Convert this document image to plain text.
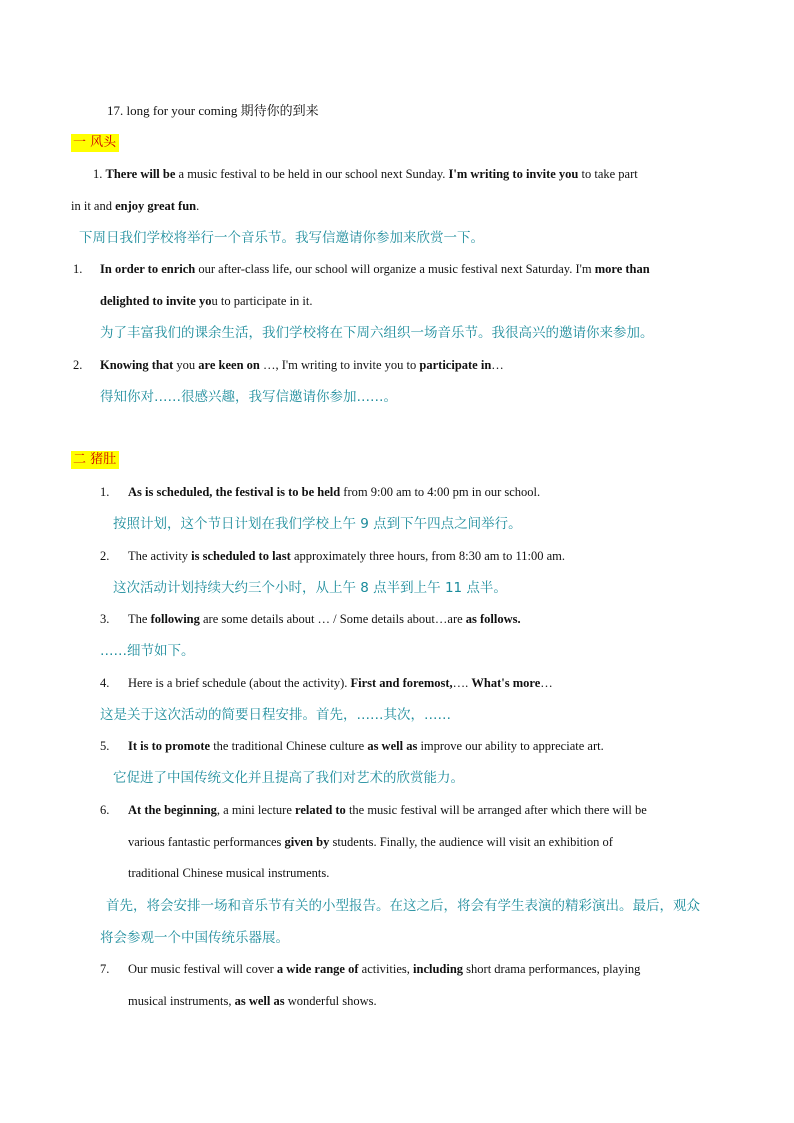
17. long for your coming 期待你的到来
一 风头
1. There will be a music festival to be held in our school next Sunday. I'm writing to invite you to take part
in it and enjoy great fun.
下周日我们学校将举行一个音乐节。我写信邀请你参加来欣赏一下。
1. In order to enrich our after-class life, our school will organize a music festival next Saturday. I'm more than
delighted to invite you to participate in it.
为了丰富我们的课余生活，我们学校将在下周六组织一场音乐节。我很高兴的邀请你来参加。
2. Knowing that you are keen on …, I'm writing to invite you to participate in…
得知你对……很感兴趣，我写信邀请你参加……。
二 猪肚
1. As is scheduled, the festival is to be held from 9:00 am to 4:00 pm in our school.
按照计划，这个节日计划在我们学校上午 9 点到下午四点之间举行。
2. The activity is scheduled to last approximately three hours, from 8:30 am to 11:00 am.
这次活动计划持续大约三个小时，从上午 8 点半到上午 11 点半。
3. The following are some details about … / Some details about…are as follows.
……细节如下。
4. Here is a brief schedule (about the activity). First and foremost,…. What's more…
这是关于这次活动的简要日程安排。首先，……其次，……
5. It is to promote the traditional Chinese culture as well as improve our ability to appreciate art.
它促进了中国传统文化并且提高了我们对艺术的欣赏能力。
6. At the beginning, a mini lecture related to the music festival will be arranged after which there will be
various fantastic performances given by students. Finally, the audience will visit an exhibition of
traditional Chinese musical instruments.
首先，将会安排一场和音乐节有关的小型报告。在这之后，将会有学生表演的精彩演出。最后，观众
将会参观一个中国传统乐器展。
7. Our music festival will cover a wide range of activities, including short drama performances, playing
musical instruments, as well as wonderful shows.
